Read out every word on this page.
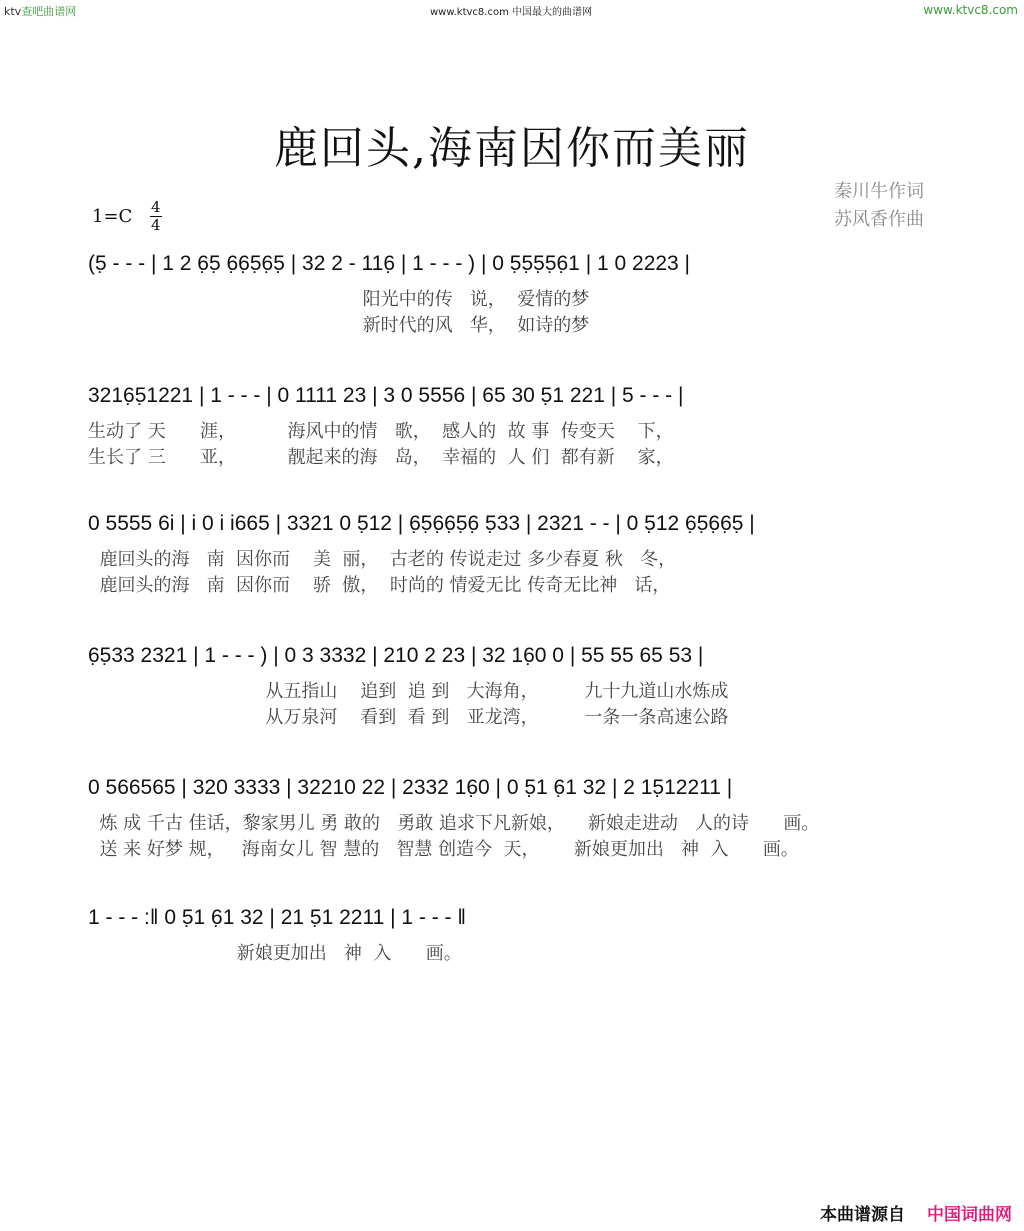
ktv查吧曲谱网	www.ktvc8.com 中国最大的曲谱网	www.ktvc8.com
鹿回头,海南因你而美丽
秦川牛作词
苏风香作曲
$1=C \frac{4}{4}$
(5̣ - - - | 1 2 6̣5̣ 6̣6̣5̣6̣5̣ | 32 2 - 116̣ | 1 - - - ) | 0 5̣5̣5̣5̣6̣1 | 1 0 2223 |
阳光中的传   说，  爱情的梦
新时代的风   华，  如诗的梦
3216̣5̣1221 | 1 - - - | 0 1111 23 | 3 0 5556 | 65 30 5̣1 221 | 5 - - - |
生动了 天      涯，         海风中的情   歌，  感人的  故 事  传变天    下，
生长了 三      亚，         靓起来的海   岛，  幸福的  人 们  都有新    家，
0 5555 6i | i 0 i i665 | 3321 0 5̣12 | 6̣5̣6̣6̣5̣6̣ 5̣33 | 2321 - - | 0 5̣12 6̣5̣6̣6̣5̣ |
鹿回头的海   南  因你而    美  丽，  古老的 传说走过 多少春夏 秋   冬，
鹿回头的海   南  因你而    骄  傲，  时尚的 情爱无比 传奇无比神   话，
6̣5̣33 2321 | 1 - - - ) | 0 3 3332 | 210 2 23 | 32 16̣0 0 | 55 55 65 53 |
从五指山    追到  追 到   大海角，        九十九道山水炼成
从万泉河    看到  看 到   亚龙湾，        一条一条高速公路
0 566565 | 320 3333 | 32210 22 | 2332 16̣0 | 0 5̣1 6̣1 32 | 2 15̣12211 |
炼 成 千古 佳话，黎家男儿 勇 敢的   勇敢 追求下凡新娘，    新娘走进动   人的诗      画。
送 来 好梦 规，   海南女儿 智 慧的   智慧 创造今  天，      新娘更加出   神  入      画。
1 - - - :‖ 0 5̣1 6̣1 32 | 21 5̣1 2211 | 1 - - - ‖
新娘更加出   神  入      画。
本曲谱源自 中国词曲网
